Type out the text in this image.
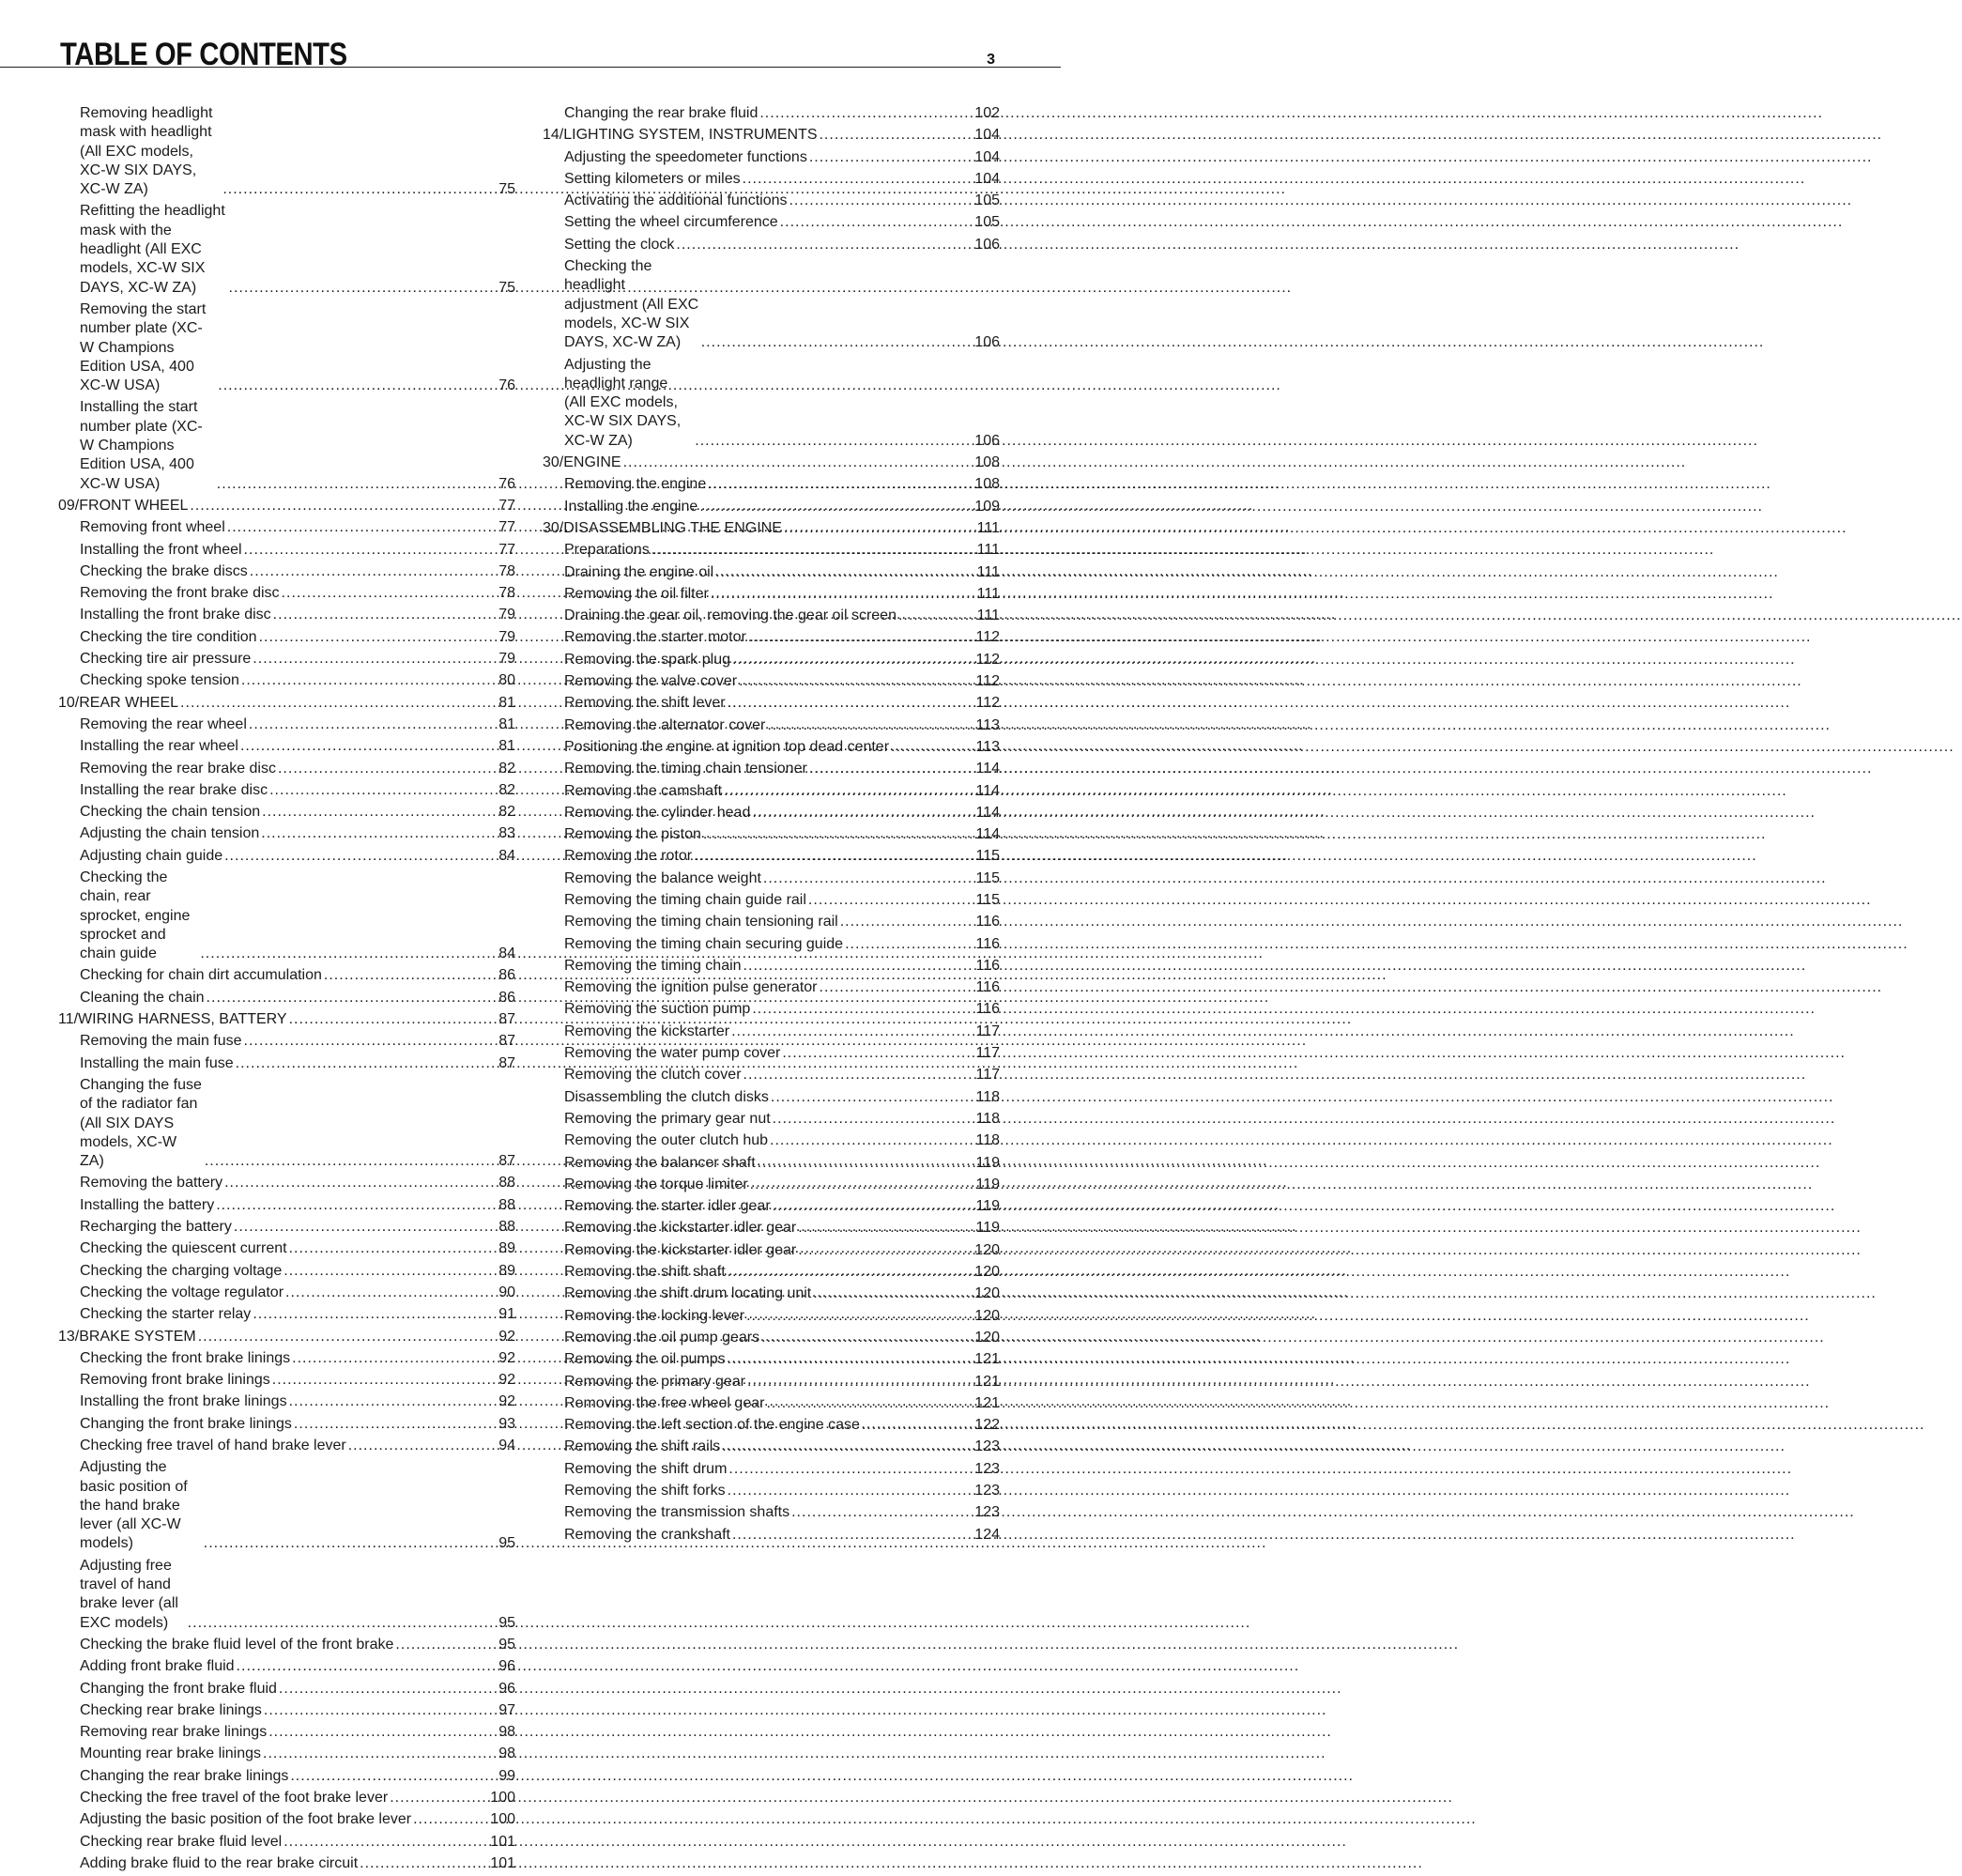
TABLE OF CONTENTS	3
Removing headlight mask with headlight (All EXC models, XC-W SIX DAYS, XC-W ZA) .....	75
Refitting the headlight mask with the headlight (All EXC models, XC-W SIX DAYS, XC-W ZA) .....	75
Removing the start number plate (XC-W Champions Edition USA, 400 XC-W USA) .....	76
Installing the start number plate (XC-W Champions Edition USA, 400 XC-W USA) .....	76
09/FRONT WHEEL .....	77
Removing front wheel .....	77
Installing the front wheel .....	77
Checking the brake discs .....	78
Removing the front brake disc .....	78
Installing the front brake disc .....	79
Checking the tire condition .....	79
Checking tire air pressure .....	79
Checking spoke tension .....	80
10/REAR WHEEL .....	81
Removing the rear wheel .....	81
Installing the rear wheel .....	81
Removing the rear brake disc .....	82
Installing the rear brake disc .....	82
Checking the chain tension .....	82
Adjusting the chain tension .....	83
Adjusting chain guide .....	84
Checking the chain, rear sprocket, engine sprocket and chain guide .....	84
Checking for chain dirt accumulation .....	86
Cleaning the chain .....	86
11/WIRING HARNESS, BATTERY .....	87
Removing the main fuse .....	87
Installing the main fuse .....	87
Changing the fuse of the radiator fan (All SIX DAYS models, XC-W ZA) .....	87
Removing the battery .....	88
Installing the battery .....	88
Recharging the battery .....	88
Checking the quiescent current .....	89
Checking the charging voltage .....	89
Checking the voltage regulator .....	90
Checking the starter relay .....	91
13/BRAKE SYSTEM .....	92
Checking the front brake linings .....	92
Removing front brake linings .....	92
Installing the front brake linings .....	92
Changing the front brake linings .....	93
Checking free travel of hand brake lever .....	94
Adjusting the basic position of the hand brake lever (all XC-W models) .....	95
Adjusting free travel of hand brake lever (all EXC models) .....	95
Checking the brake fluid level of the front brake .....	95
Adding front brake fluid .....	96
Changing the front brake fluid .....	96
Checking rear brake linings .....	97
Removing rear brake linings .....	98
Mounting rear brake linings .....	98
Changing the rear brake linings .....	99
Checking the free travel of the foot brake lever .....	100
Adjusting the basic position of the foot brake lever .....	100
Checking rear brake fluid level .....	101
Adding brake fluid to the rear brake circuit .....	101
Changing the rear brake fluid .....	102
14/LIGHTING SYSTEM, INSTRUMENTS .....	104
Adjusting the speedometer functions .....	104
Setting kilometers or miles .....	104
Activating the additional functions .....	105
Setting the wheel circumference .....	105
Setting the clock .....	106
Checking the headlight adjustment (All EXC models, XC-W SIX DAYS, XC-W ZA) .....	106
Adjusting the headlight range (All EXC models, XC-W SIX DAYS, XC-W ZA) .....	106
30/ENGINE .....	108
Removing the engine .....	108
Installing the engine .....	109
30/DISASSEMBLING THE ENGINE .....	111
Preparations .....	111
Draining the engine oil .....	111
Removing the oil filter .....	111
Draining the gear oil, removing the gear oil screen .....	111
Removing the starter motor .....	112
Removing the spark plug .....	112
Removing the valve cover .....	112
Removing the shift lever .....	112
Removing the alternator cover .....	113
Positioning the engine at ignition top dead center .....	113
Removing the timing chain tensioner .....	114
Removing the camshaft .....	114
Removing the cylinder head .....	114
Removing the piston .....	114
Removing the rotor .....	115
Removing the balance weight .....	115
Removing the timing chain guide rail .....	115
Removing the timing chain tensioning rail .....	116
Removing the timing chain securing guide .....	116
Removing the timing chain .....	116
Removing the ignition pulse generator .....	116
Removing the suction pump .....	116
Removing the kickstarter .....	117
Removing the water pump cover .....	117
Removing the clutch cover .....	117
Disassembling the clutch disks .....	118
Removing the primary gear nut .....	118
Removing the outer clutch hub .....	118
Removing the balancer shaft .....	119
Removing the torque limiter .....	119
Removing the starter idler gear .....	119
Removing the kickstarter idler gear .....	119
Removing the kickstarter idler gear .....	120
Removing the shift shaft .....	120
Removing the shift drum locating unit .....	120
Removing the locking lever .....	120
Removing the oil pump gears .....	120
Removing the oil pumps .....	121
Removing the primary gear .....	121
Removing the free wheel gear .....	121
Removing the left section of the engine case .....	122
Removing the shift rails .....	123
Removing the shift drum .....	123
Removing the shift forks .....	123
Removing the transmission shafts .....	123
Removing the crankshaft .....	124
